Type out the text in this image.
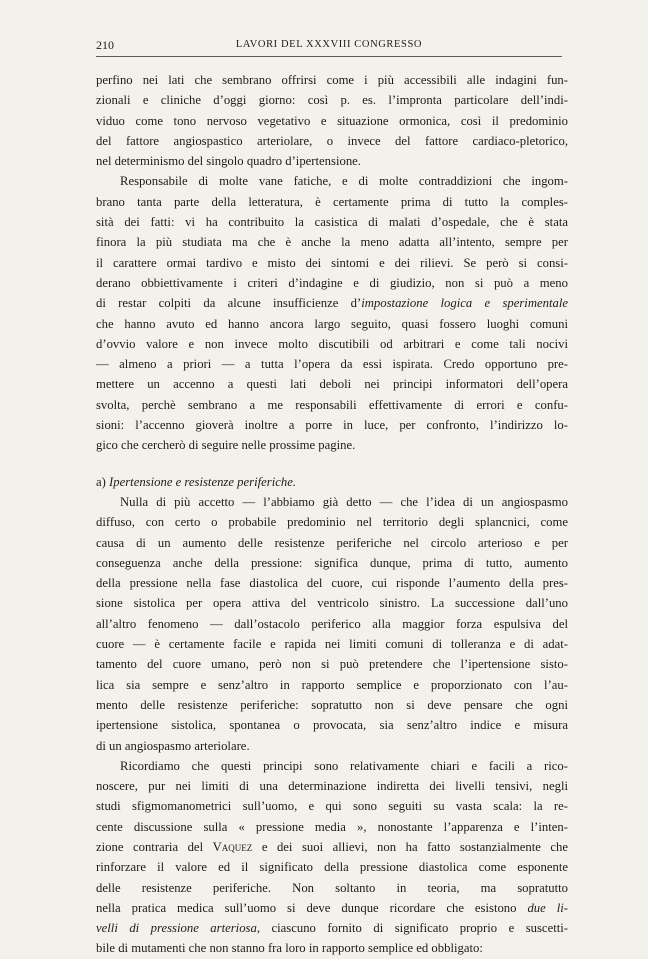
210	LAVORI DEL XXXVIII CONGRESSO

perfino nei lati che sembrano offrirsi come i più accessibili alle indagini fun-
zionali e cliniche d’oggi giorno: così p. es. l’impronta particolare dell’indi-
viduo come tono nervoso vegetativo e situazione ormonica, così il predominio
del fattore angiospastico arteriolare, o invece del fattore cardiaco-pletorico,
nel determinismo del singolo quadro d’ipertensione.

Responsabile di molte vane fatiche, e di molte contraddizioni che ingom-
brano tanta parte della letteratura, è certamente prima di tutto la comples-
sità dei fatti: vi ha contribuito la casistica di malati d’ospedale, che è stata
finora la più studiata ma che è anche la meno adatta all’intento, sempre per
il carattere ormai tardivo e misto dei sintomi e dei rilievi. Se però si consi-
derano obbiettivamente i criteri d’indagine e di giudizio, non si può a meno
di restar colpiti da alcune insufficienze d’impostazione logica e sperimentale
che hanno avuto ed hanno ancora largo seguito, quasi fossero luoghi comuni
d’ovvio valore e non invece molto discutibili od arbitrari e come tali nocivi
— almeno a priori — a tutta l’opera da essi ispirata. Credo opportuno pre-
mettere un accenno a questi lati deboli nei principi informatori dell’opera
svolta, perchè sembrano a me responsabili effettivamente di errori e confu-
sioni: l’accenno gioverà inoltre a porre in luce, per confronto, l’indirizzo lo-
gico che cercherò di seguire nelle prossime pagine.

a) Ipertensione e resistenze periferiche.

Nulla di più accetto — l’abbiamo già detto — che l’idea di un angiospasmo
diffuso, con certo o probabile predominio nel territorio degli splancnici, come
causa di un aumento delle resistenze periferiche nel circolo arterioso e per
conseguenza anche della pressione: significa dunque, prima di tutto, aumento
della pressione nella fase diastolica del cuore, cui risponde l’aumento della pres-
sione sistolica per opera attiva del ventricolo sinistro. La successione dall’uno
all’altro fenomeno — dall’ostacolo periferico alla maggior forza espulsiva del
cuore — è certamente facile e rapida nei limiti comuni di tolleranza e di adat-
tamento del cuore umano, però non si può pretendere che l’ipertensione sisto-
lica sia sempre e senz’altro in rapporto semplice e proporzionato con l’au-
mento delle resistenze periferiche: sopratutto non si deve pensare che ogni
ipertensione sistolica, spontanea o provocata, sia senz’altro indice e misura
di un angiospasmo arteriolare.

Ricordiamo che questi principi sono relativamente chiari e facili a rico-
noscere, pur nei limiti di una determinazione indiretta dei livelli tensivi, negli
studi sfigmomanometrici sull’uomo, e qui sono seguiti su vasta scala: la re-
cente discussione sulla « pressione media », nonostante l’apparenza e l’inten-
zione contraria del Vaquez e dei suoi allievi, non ha fatto sostanzialmente che
rinforzare il valore ed il significato della pressione diastolica come esponente
delle resistenze periferiche. Non soltanto in teoria, ma sopratutto
nella pratica medica sull’uomo si deve dunque ricordare che esistono due li-
velli di pressione arteriosa, ciascuno fornito di significato proprio e suscetti-
bile di mutamenti che non stanno fra loro in rapporto semplice ed obbligato:
